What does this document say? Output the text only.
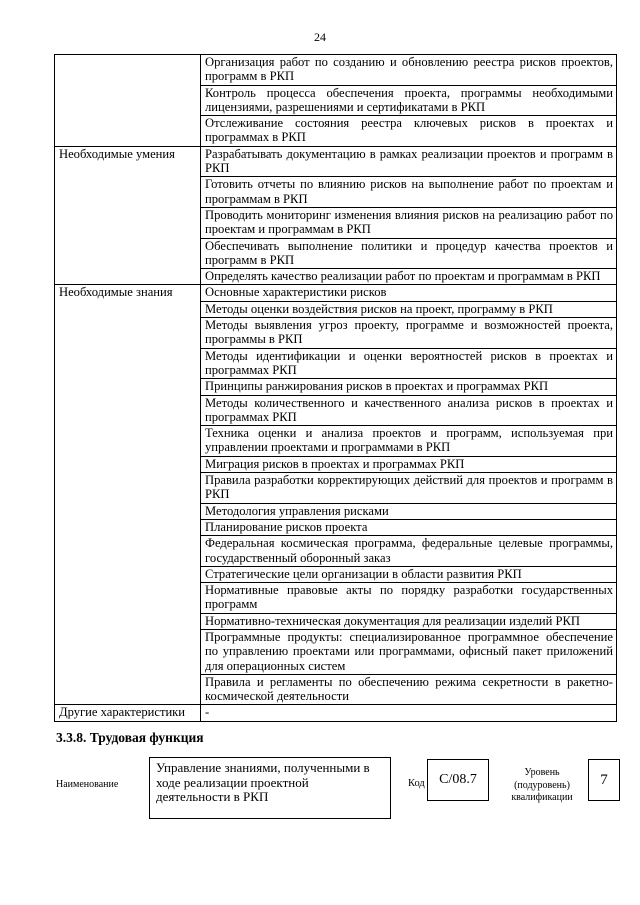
24
	Организация работ по созданию и обновлению реестра рисков проектов, программ в РКП
	Контроль процесса обеспечения проекта, программы необходимыми лицензиями, разрешениями и сертификатами в РКП
	Отслеживание состояния реестра ключевых рисков в проектах и программах в РКП
Необходимые умения	Разрабатывать документацию в рамках реализации проектов и программ в РКП
	Готовить отчеты по влиянию рисков на выполнение работ по проектам и программам в РКП
	Проводить мониторинг изменения влияния рисков на реализацию работ по проектам и программам в РКП
	Обеспечивать выполнение политики и процедур качества проектов и программ в РКП
	Определять качество реализации работ по проектам и программам в РКП
Необходимые знания	Основные характеристики рисков
	Методы оценки воздействия рисков на проект, программу в РКП
	Методы выявления угроз проекту, программе и возможностей проекта, программы в РКП
	Методы идентификации и оценки вероятностей рисков в проектах и программах РКП
	Принципы ранжирования рисков в проектах и программах РКП
	Методы количественного и качественного анализа рисков в проектах и программах РКП
	Техника оценки и анализа проектов и программ, используемая при управлении проектами и программами в РКП
	Миграция рисков в проектах и программах РКП
	Правила разработки корректирующих действий для проектов и программ в РКП
	Методология управления рисками
	Планирование рисков проекта
	Федеральная космическая программа, федеральные целевые программы, государственный оборонный заказ
	Стратегические цели организации в области развития РКП
	Нормативные правовые акты по порядку разработки государственных программ
	Нормативно-техническая документация для реализации изделий РКП
	Программные продукты: специализированное программное обеспечение по управлению проектами или программами, офисный пакет приложений для операционных систем
	Правила и регламенты по обеспечению режима секретности в ракетно-космической деятельности
Другие характеристики	-
3.3.8. Трудовая функция
Наименование
Управление знаниями, полученными в ходе реализации проектной деятельности в РКП
Код	С/08.7	Уровень (подуровень) квалификации
7
